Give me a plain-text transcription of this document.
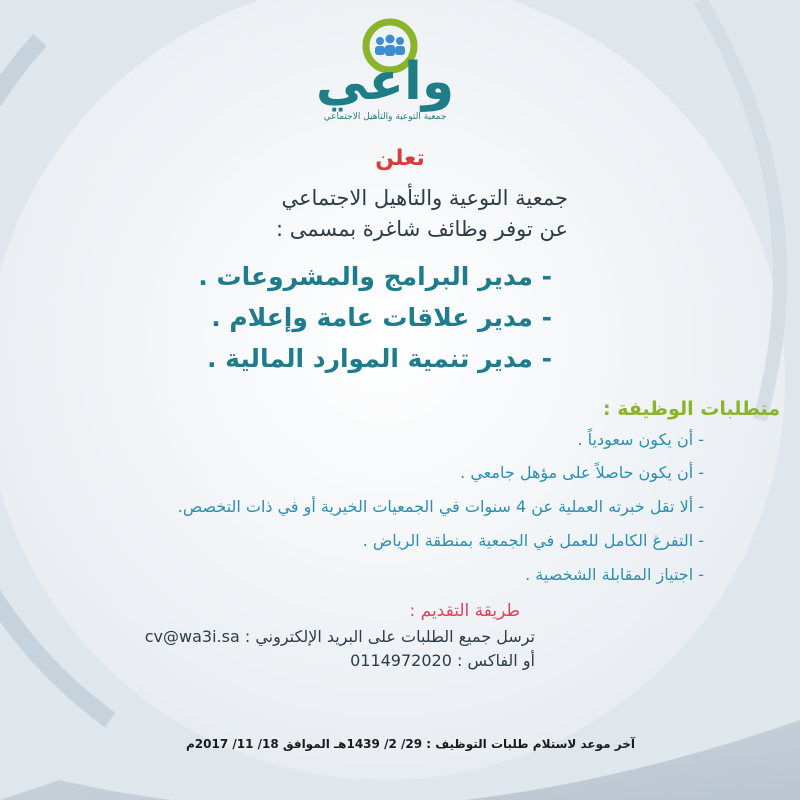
واعي
جمعية التوعية والتأهيل الاجتماعي
تعلن
جمعية التوعية والتأهيل الاجتماعي
عن توفر وظائف شاغرة بمسمى :
- مدير البرامج والمشروعات .
- مدير علاقات عامة وإعلام .
- مدير تنمية الموارد المالية .
متطلبات الوظيفة :
- أن يكون سعودياً .
- أن يكون حاصلاً على مؤهل جامعي .
- ألا تقل خبرته العملية عن 4 سنوات في الجمعيات الخيرية أو في ذات التخصص.
- التفرغ الكامل للعمل في الجمعية بمنطقة الرياض .
- اجتياز المقابلة الشخصية .
طريقة التقديم :
ترسل جميع الطلبات على البريد الإلكتروني : cv@wa3i.sa
أو الفاكس : 0114972020
آخر موعد لاستلام طلبات التوظيف : 29/ 2/ 1439هـ الموافق 18/ 11/ 2017م
